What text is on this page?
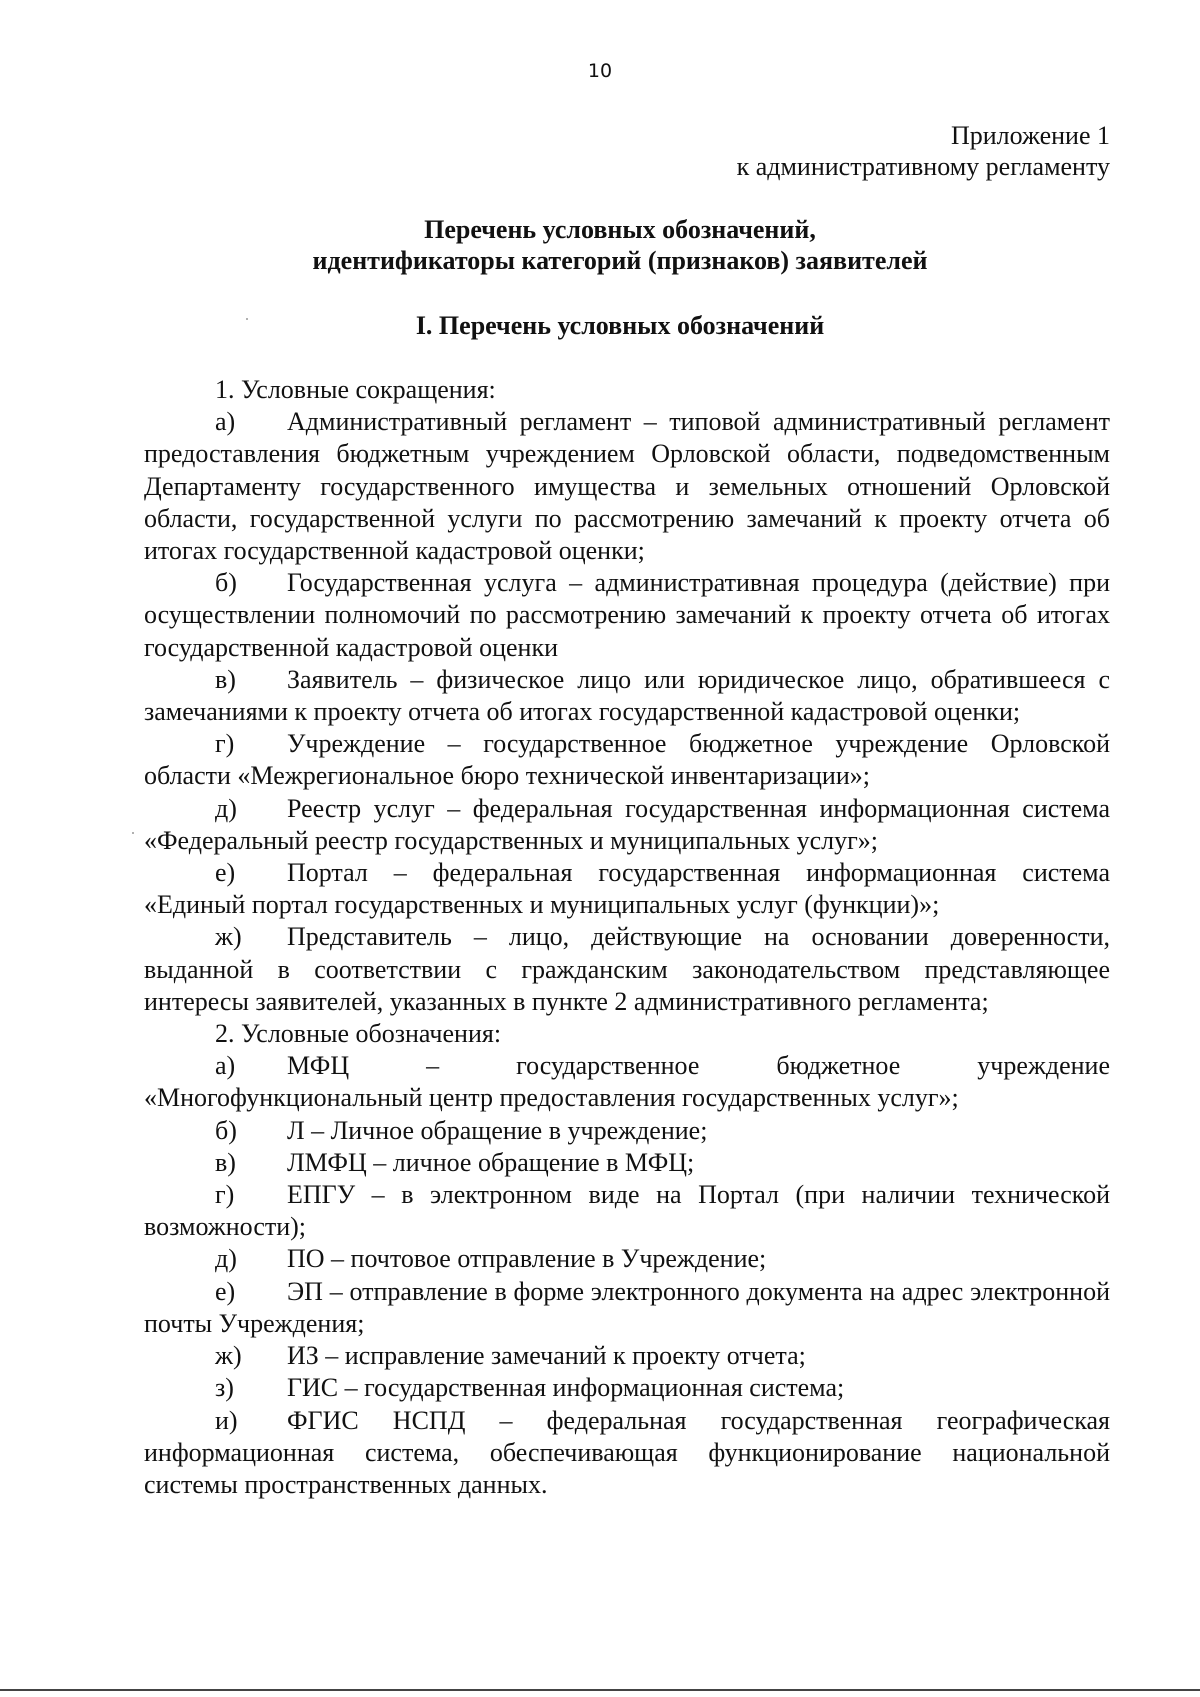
10
Приложение 1
к административному регламенту
Перечень условных обозначений,
идентификаторы категорий (признаков) заявителей
I. Перечень условных обозначений

1. Условные сокращения:

а) Административный регламент – типовой административный регламент предоставления бюджетным учреждением Орловской области, подведомственным Департаменту государственного имущества и земельных отношений Орловской области, государственной услуги по рассмотрению замечаний к проекту отчета об итогах государственной кадастровой оценки;

б) Государственная услуга – административная процедура (действие) при осуществлении полномочий по рассмотрению замечаний к проекту отчета об итогах государственной кадастровой оценки

в) Заявитель – физическое лицо или юридическое лицо, обратившееся с замечаниями к проекту отчета об итогах государственной кадастровой оценки;

г) Учреждение – государственное бюджетное учреждение Орловской области «Межрегиональное бюро технической инвентаризации»;

д) Реестр услуг – федеральная государственная информационная система «Федеральный реестр государственных и муниципальных услуг»;

е) Портал – федеральная государственная информационная система «Единый портал государственных и муниципальных услуг (функции)»;

ж) Представитель – лицо, действующие на основании доверенности, выданной в соответствии с гражданским законодательством представляющее интересы заявителей, указанных в пункте 2 административного регламента;

2. Условные обозначения:

а) МФЦ – государственное бюджетное учреждение «Многофункциональный центр предоставления государственных услуг»;

б) Л – Личное обращение в учреждение;

в) ЛМФЦ – личное обращение в МФЦ;

г) ЕПГУ – в электронном виде на Портал (при наличии технической возможности);

д) ПО – почтовое отправление в Учреждение;

е) ЭП – отправление в форме электронного документа на адрес электронной почты Учреждения;

ж) ИЗ – исправление замечаний к проекту отчета;

з) ГИС – государственная информационная система;

и) ФГИС НСПД – федеральная государственная географическая информационная система, обеспечивающая функционирование национальной системы пространственных данных.
